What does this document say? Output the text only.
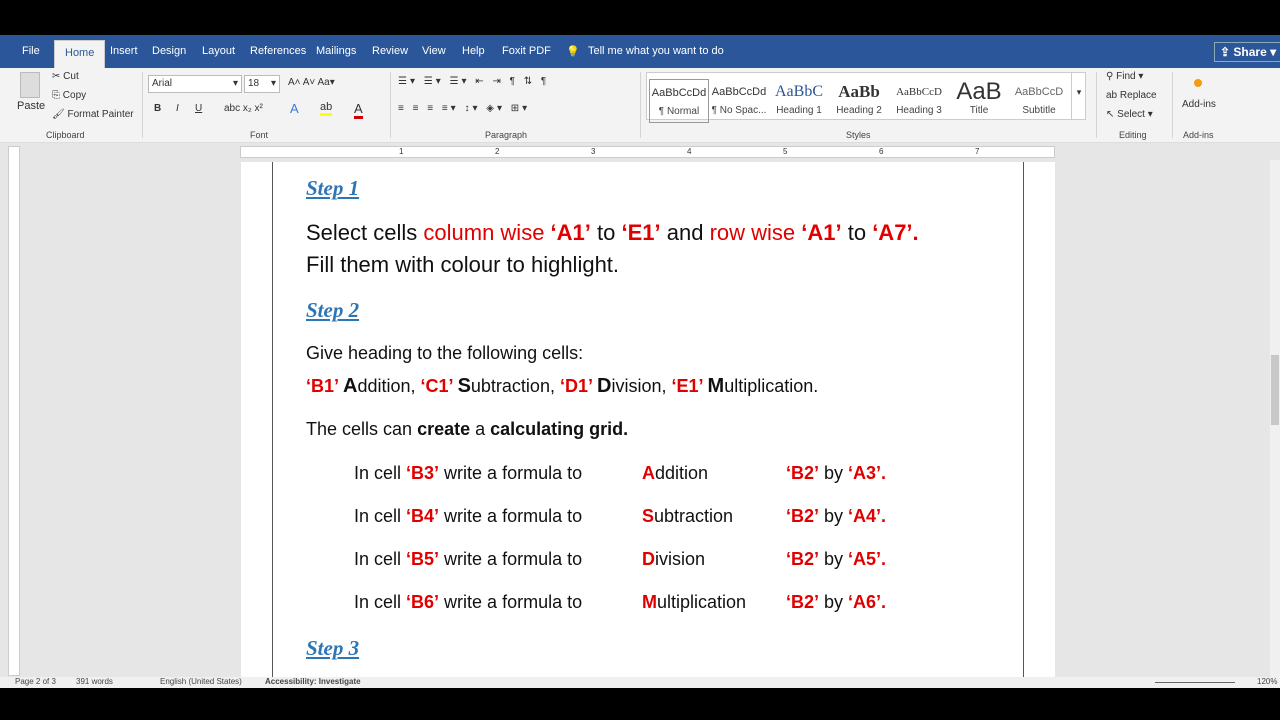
File	Home	Insert Design Layout References Mailings Review View Help Foxit PDF 💡 Tell me what you want to do	⇪ Share ▾
Paste
✂ Cut
⎘ Copy
🖌 Format Painter
Clipboard
Arial	▾	18 ▾ A˄ A˅ Aa▾
B I U abc x₂ x² A ab A
Font
☰▾ ☰▾ ☰▾ ⇤ ⇥ ¶ ⇅ ¶
≡ ≡ ≡ ≡▾ ↕▾ ◈▾ ⊞▾
Paragraph
AaBbCcDd
¶ Normal
AaBbCcDd
¶ No Spac...
AaBbC
Heading 1
AaBb
Heading 2
AaBbCcD
Heading 3
AaB
Title
AaBbCcD
Subtitle
▾
Styles
⚲ Find ▾
ab Replace
↖ Select ▾
Editing
Add-ins
Add-ins
1	2	3	4	5	6	7
Step 1
Select cells column wise ‘A1’ to ‘E1’ and row wise ‘A1’ to ‘A7’.
Fill them with colour to highlight.
Step 2
Give heading to the following cells:
‘B1’ Addition, ‘C1’ Subtraction, ‘D1’ Division, ‘E1’ Multiplication.
The cells can create a calculating grid.
In cell ‘B3’ write a formula to	Addition	‘B2’ by ‘A3’.
In cell ‘B4’ write a formula to	Subtraction	‘B2’ by ‘A4’.
In cell ‘B5’ write a formula to	Division	‘B2’ by ‘A5’.
In cell ‘B6’ write a formula to	Multiplication ‘B2’ by ‘A6’.
Step 3
Page 2 of 3	391 words	English (United States)	Accessibility: Investigate	120%
